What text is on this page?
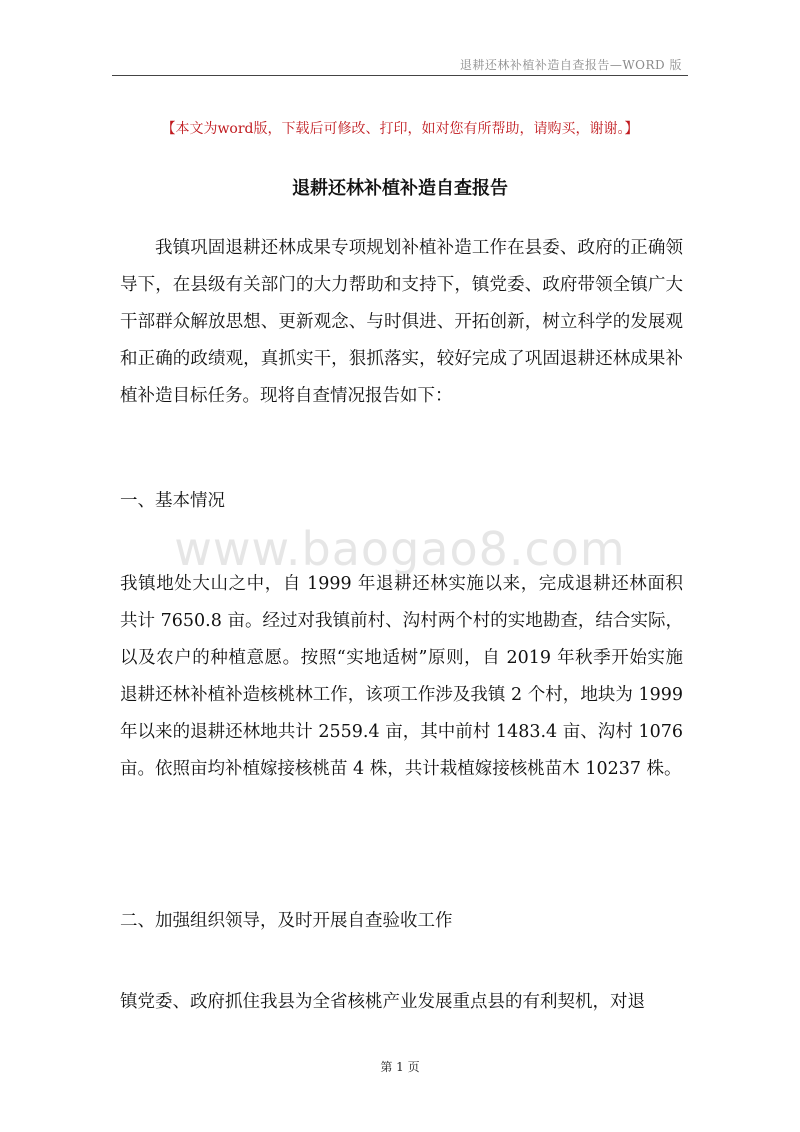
退耕还林补植补造自查报告—WORD 版
【本文为word版，下载后可修改、打印，如对您有所帮助，请购买，谢谢。】
退耕还林补植补造自查报告
我镇巩固退耕还林成果专项规划补植补造工作在县委、政府的正确领导下，在县级有关部门的大力帮助和支持下，镇党委、政府带领全镇广大干部群众解放思想、更新观念、与时俱进、开拓创新，树立科学的发展观和正确的政绩观，真抓实干，狠抓落实，较好完成了巩固退耕还林成果补植补造目标任务。现将自查情况报告如下：
一、基本情况
www.baogao8.com
我镇地处大山之中，自 1999 年退耕还林实施以来，完成退耕还林面积共计 7650.8 亩。经过对我镇前村、沟村两个村的实地勘查，结合实际，以及农户的种植意愿。按照“实地适树”原则，自 2019 年秋季开始实施退耕还林补植补造核桃林工作，该项工作涉及我镇 2 个村，地块为 1999 年以来的退耕还林地共计 2559.4 亩，其中前村 1483.4 亩、沟村 1076 亩。依照亩均补植嫁接核桃苗 4 株，共计栽植嫁接核桃苗木 10237 株。
二、加强组织领导，及时开展自查验收工作
镇党委、政府抓住我县为全省核桃产业发展重点县的有利契机，对退
第 1 页
